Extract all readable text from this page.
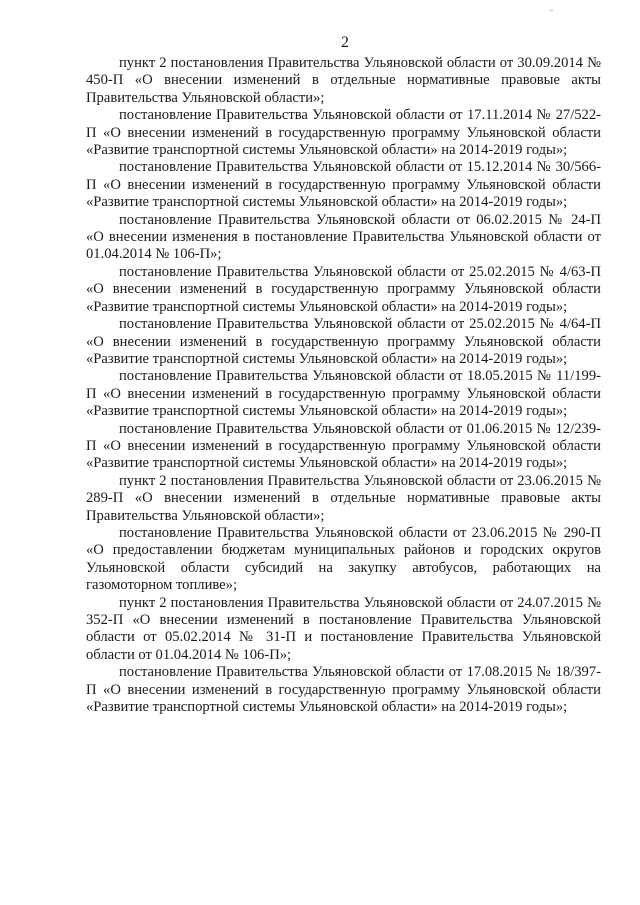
2

пункт 2 постановления Правительства Ульяновской области от 30.09.2014 № 450-П «О внесении изменений в отдельные нормативные правовые акты Правительства Ульяновской области»;

постановление Правительства Ульяновской области от 17.11.2014 № 27/522-П «О внесении изменений в государственную программу Ульяновской области «Развитие транспортной системы Ульяновской области» на 2014-2019 годы»;

постановление Правительства Ульяновской области от 15.12.2014 № 30/566-П «О внесении изменений в государственную программу Ульяновской области «Развитие транспортной системы Ульяновской области» на 2014-2019 годы»;

постановление Правительства Ульяновской области от 06.02.2015 № 24-П «О внесении изменения в постановление Правительства Ульяновской области от 01.04.2014 № 106-П»;

постановление Правительства Ульяновской области от 25.02.2015 № 4/63-П «О внесении изменений в государственную программу Ульяновской области «Развитие транспортной системы Ульяновской области» на 2014-2019 годы»;

постановление Правительства Ульяновской области от 25.02.2015 № 4/64-П «О внесении изменений в государственную программу Ульяновской области «Развитие транспортной системы Ульяновской области» на 2014-2019 годы»;

постановление Правительства Ульяновской области от 18.05.2015 № 11/199-П «О внесении изменений в государственную программу Ульяновской области «Развитие транспортной системы Ульяновской области» на 2014-2019 годы»;

постановление Правительства Ульяновской области от 01.06.2015 № 12/239-П «О внесении изменений в государственную программу Ульяновской области «Развитие транспортной системы Ульяновской области» на 2014-2019 годы»;

пункт 2 постановления Правительства Ульяновской области от 23.06.2015 № 289-П «О внесении изменений в отдельные нормативные правовые акты Правительства Ульяновской области»;

постановление Правительства Ульяновской области от 23.06.2015 № 290-П «О предоставлении бюджетам муниципальных районов и городских округов Ульяновской области субсидий на закупку автобусов, работающих на газомоторном топливе»;

пункт 2 постановления Правительства Ульяновской области от 24.07.2015 № 352-П «О внесении изменений в постановление Правительства Ульяновской области от 05.02.2014 № 31-П и постановление Правительства Ульяновской области от 01.04.2014 № 106-П»;

постановление Правительства Ульяновской области от 17.08.2015 № 18/397-П «О внесении изменений в государственную программу Ульяновской области «Развитие транспортной системы Ульяновской области» на 2014-2019 годы»;
